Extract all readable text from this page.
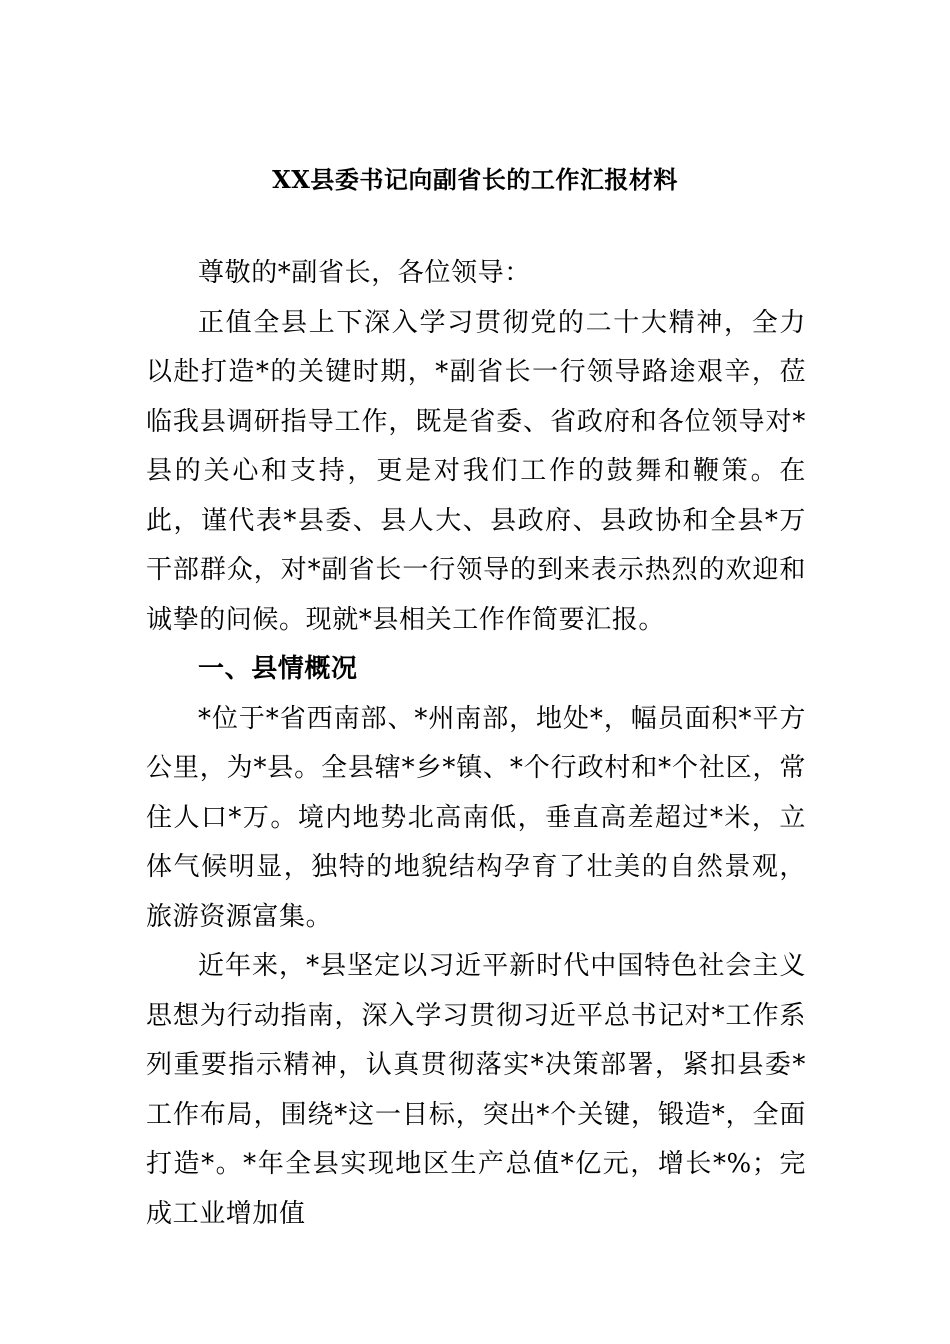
XX县委书记向副省长的工作汇报材料

尊敬的*副省长，各位领导：

正值全县上下深入学习贯彻党的二十大精神，全力以赴打造*的关键时期，*副省长一行领导路途艰辛，莅临我县调研指导工作，既是省委、省政府和各位领导对*县的关心和支持，更是对我们工作的鼓舞和鞭策。在此，谨代表*县委、县人大、县政府、县政协和全县*万干部群众，对*副省长一行领导的到来表示热烈的欢迎和诚挚的问候。现就*县相关工作作简要汇报。

一、县情概况

*位于*省西南部、*州南部，地处*，幅员面积*平方公里，为*县。全县辖*乡*镇、*个行政村和*个社区，常住人口*万。境内地势北高南低，垂直高差超过*米，立体气候明显，独特的地貌结构孕育了壮美的自然景观，旅游资源富集。

近年来，*县坚定以习近平新时代中国特色社会主义思想为行动指南，深入学习贯彻习近平总书记对*工作系列重要指示精神，认真贯彻落实*决策部署，紧扣县委*工作布局，围绕*这一目标，突出*个关键，锻造*，全面打造*。*年全县实现地区生产总值*亿元，增长*%；完成工业增加值
